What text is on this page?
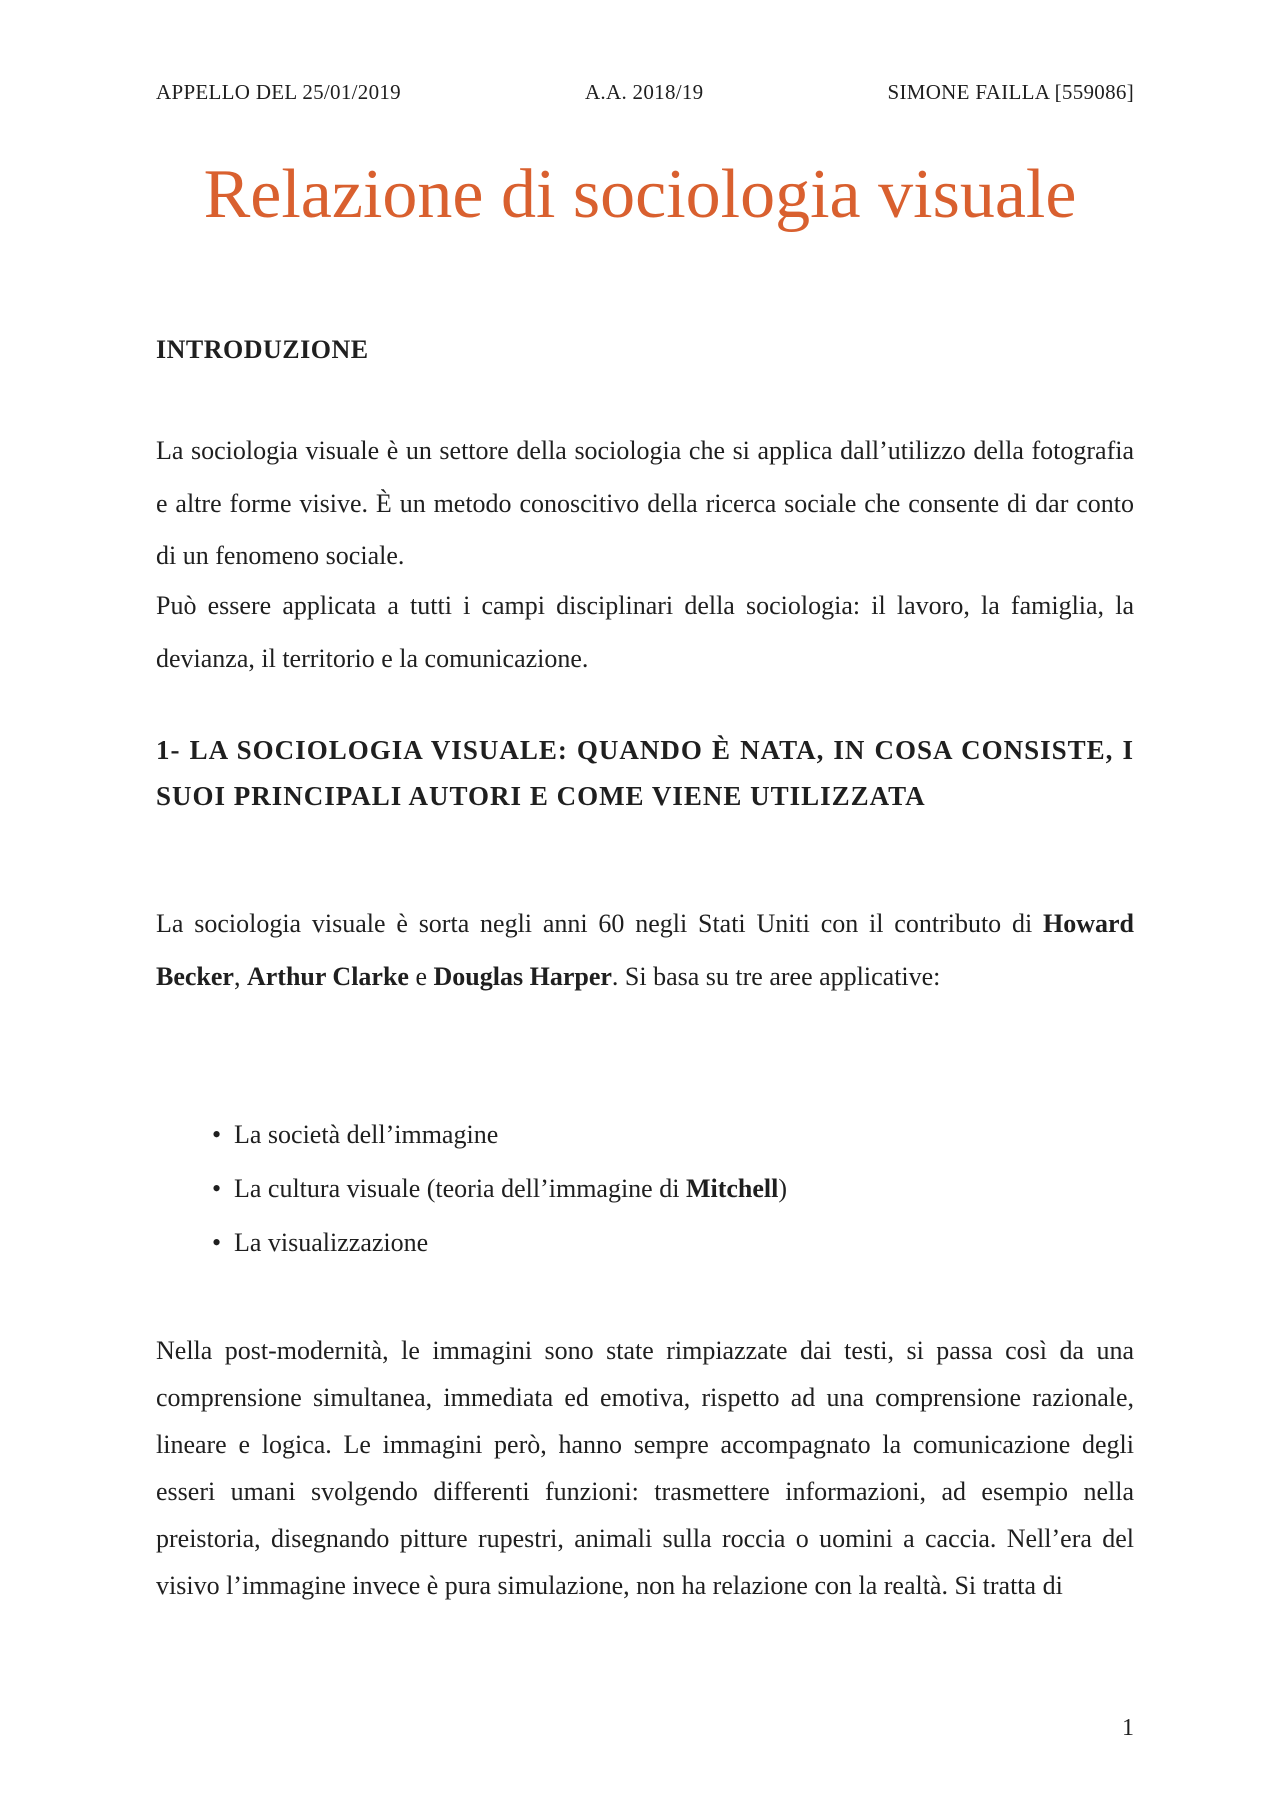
APPELLO DEL 25/01/2019	A.A. 2018/19	SIMONE FAILLA [559086]
Relazione di sociologia visuale
INTRODUZIONE

La sociologia visuale è un settore della sociologia che si applica dall’utilizzo della fotografia e altre forme visive. È un metodo conoscitivo della ricerca sociale che consente di dar conto di un fenomeno sociale.

Può essere applicata a tutti i campi disciplinari della sociologia: il lavoro, la famiglia, la devianza, il territorio e la comunicazione.

1- LA SOCIOLOGIA VISUALE: QUANDO È NATA, IN COSA CONSISTE, I SUOI PRINCIPALI AUTORI E COME VIENE UTILIZZATA

La sociologia visuale è sorta negli anni 60 negli Stati Uniti con il contributo di Howard Becker, Arthur Clarke e Douglas Harper. Si basa su tre aree applicative:

• La società dell’immagine
• La cultura visuale (teoria dell’immagine di Mitchell)
• La visualizzazione

Nella post-modernità, le immagini sono state rimpiazzate dai testi, si passa così da una comprensione simultanea, immediata ed emotiva, rispetto ad una comprensione razionale, lineare e logica. Le immagini però, hanno sempre accompagnato la comunicazione degli esseri umani svolgendo differenti funzioni: trasmettere informazioni, ad esempio nella preistoria, disegnando pitture rupestri, animali sulla roccia o uomini a caccia. Nell’era del visivo l’immagine invece è pura simulazione, non ha relazione con la realtà. Si tratta di

1
